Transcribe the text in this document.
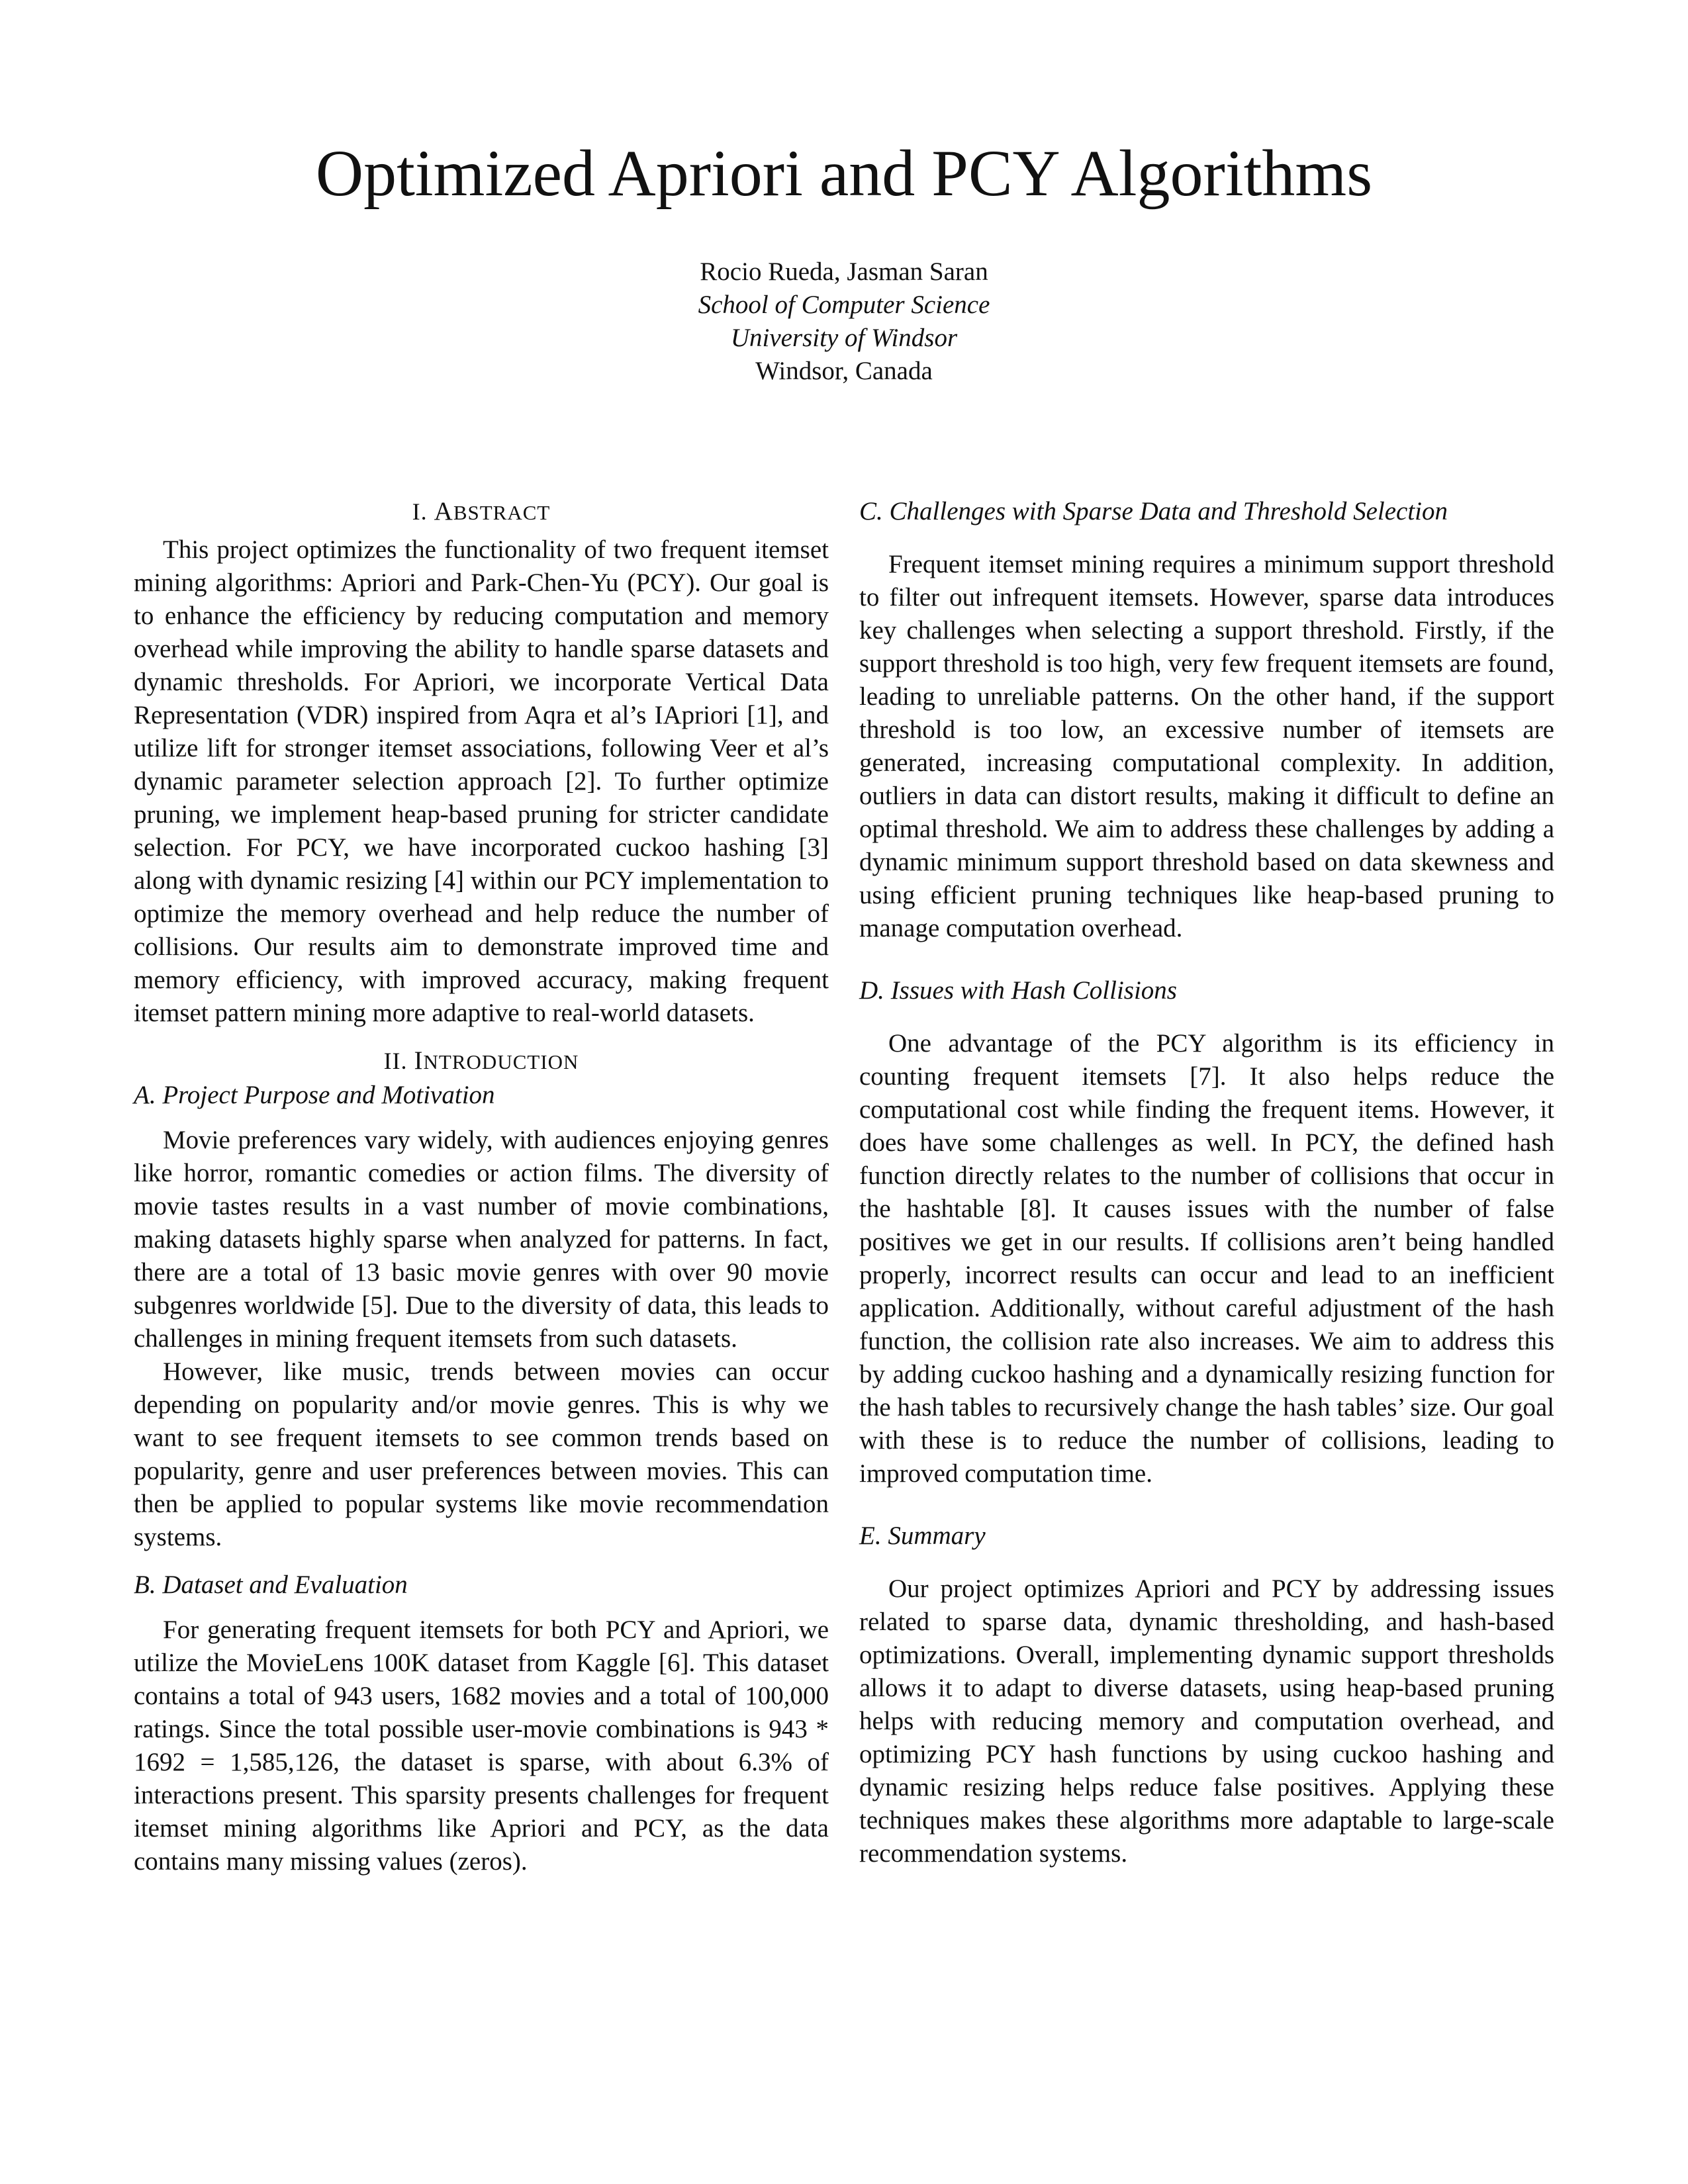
Optimized Apriori and PCY Algorithms
Rocio Rueda, Jasman Saran
School of Computer Science
University of Windsor
Windsor, Canada
I. ABSTRACT

This project optimizes the functionality of two frequent itemset mining algorithms: Apriori and Park-Chen-Yu (PCY). Our goal is to enhance the efficiency by reducing computation and memory overhead while improving the ability to handle sparse datasets and dynamic thresholds. For Apriori, we incorporate Vertical Data Representation (VDR) inspired from Aqra et al’s IApriori [1], and utilize lift for stronger itemset associations, following Veer et al’s dynamic parameter selection approach [2]. To further optimize pruning, we implement heap-based pruning for stricter candidate selection. For PCY, we have incorporated cuckoo hashing [3] along with dynamic resizing [4] within our PCY implementation to optimize the memory overhead and help reduce the number of collisions. Our results aim to demonstrate improved time and memory efficiency, with improved accuracy, making frequent itemset pattern mining more adaptive to real-world datasets.

II. INTRODUCTION
A. Project Purpose and Motivation

Movie preferences vary widely, with audiences enjoying genres like horror, romantic comedies or action films. The diversity of movie tastes results in a vast number of movie combinations, making datasets highly sparse when analyzed for patterns. In fact, there are a total of 13 basic movie genres with over 90 movie subgenres worldwide [5]. Due to the diversity of data, this leads to challenges in mining frequent itemsets from such datasets.

However, like music, trends between movies can occur depending on popularity and/or movie genres. This is why we want to see frequent itemsets to see common trends based on popularity, genre and user preferences between movies. This can then be applied to popular systems like movie recommendation systems.

B. Dataset and Evaluation

For generating frequent itemsets for both PCY and Apriori, we utilize the MovieLens 100K dataset from Kaggle [6]. This dataset contains a total of 943 users, 1682 movies and a total of 100,000 ratings. Since the total possible user-movie combinations is 943 * 1692 = 1,585,126, the dataset is sparse, with about 6.3% of interactions present. This sparsity presents challenges for frequent itemset mining algorithms like Apriori and PCY, as the data contains many missing values (zeros).

C. Challenges with Sparse Data and Threshold Selection

Frequent itemset mining requires a minimum support threshold to filter out infrequent itemsets. However, sparse data introduces key challenges when selecting a support threshold. Firstly, if the support threshold is too high, very few frequent itemsets are found, leading to unreliable patterns. On the other hand, if the support threshold is too low, an excessive number of itemsets are generated, increasing computational complexity. In addition, outliers in data can distort results, making it difficult to define an optimal threshold. We aim to address these challenges by adding a dynamic minimum support threshold based on data skewness and using efficient pruning techniques like heap-based pruning to manage computation overhead.

D. Issues with Hash Collisions

One advantage of the PCY algorithm is its efficiency in counting frequent itemsets [7]. It also helps reduce the computational cost while finding the frequent items. However, it does have some challenges as well. In PCY, the defined hash function directly relates to the number of collisions that occur in the hashtable [8]. It causes issues with the number of false positives we get in our results. If collisions aren’t being handled properly, incorrect results can occur and lead to an inefficient application. Additionally, without careful adjustment of the hash function, the collision rate also increases. We aim to address this by adding cuckoo hashing and a dynamically resizing function for the hash tables to recursively change the hash tables’ size. Our goal with these is to reduce the number of collisions, leading to improved computation time.

E. Summary

Our project optimizes Apriori and PCY by addressing issues related to sparse data, dynamic thresholding, and hash-based optimizations. Overall, implementing dynamic support thresholds allows it to adapt to diverse datasets, using heap-based pruning helps with reducing memory and computation overhead, and optimizing PCY hash functions by using cuckoo hashing and dynamic resizing helps reduce false positives. Applying these techniques makes these algorithms more adaptable to large-scale recommendation systems.
